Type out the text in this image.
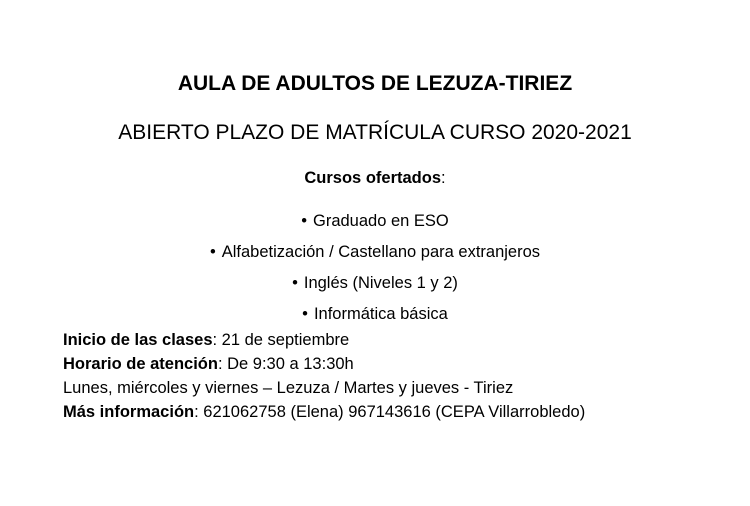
AULA DE ADULTOS DE LEZUZA-TIRIEZ
ABIERTO PLAZO DE MATRÍCULA CURSO 2020-2021
Cursos ofertados:
• Graduado en ESO
• Alfabetización / Castellano para extranjeros
• Inglés (Niveles 1 y 2)
• Informática básica
Inicio de las clases: 21 de septiembre
Horario de atención: De 9:30 a 13:30h
Lunes, miércoles y viernes – Lezuza / Martes y jueves - Tiriez
Más información: 621062758 (Elena) 967143616 (CEPA Villarrobledo)
